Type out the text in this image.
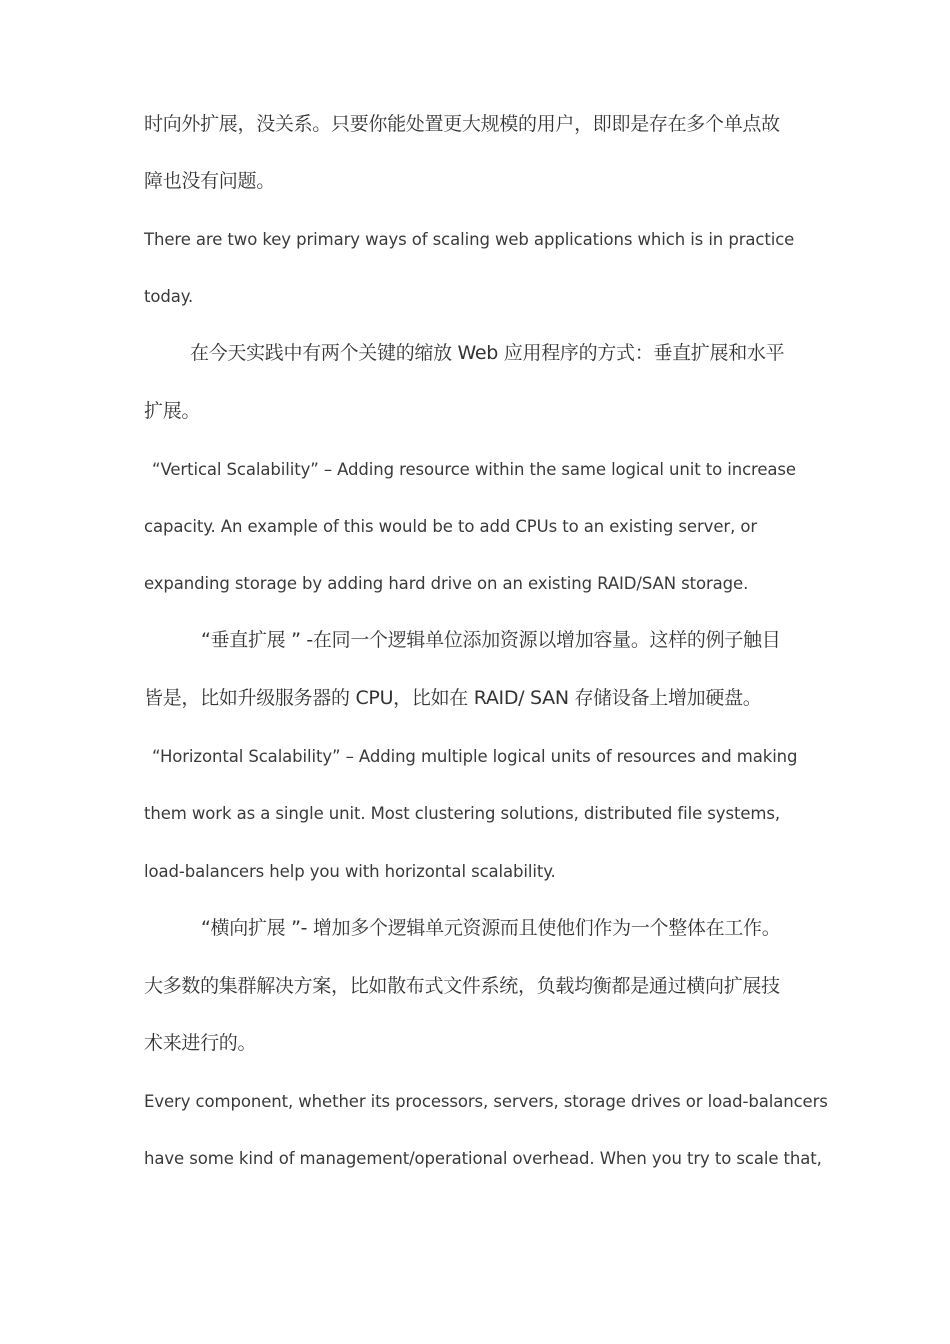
时向外扩展，没关系。只要你能处置更大规模的用户，即即是存在多个单点故
障也没有问题。
There are two key primary ways of scaling web applications which is in practice
today.
在今天实践中有两个关键的缩放 Web 应用程序的方式：垂直扩展和水平
扩展。
“Vertical Scalability” – Adding resource within the same logical unit to increase
capacity. An example of this would be to add CPUs to an existing server, or
expanding storage by adding hard drive on an existing RAID/SAN storage.
“垂直扩展 ” -在同一个逻辑单位添加资源以增加容量。这样的例子触目
皆是，比如升级服务器的 CPU，比如在 RAID/ SAN 存储设备上增加硬盘。
“Horizontal Scalability” – Adding multiple logical units of resources and making
them work as a single unit. Most clustering solutions, distributed file systems,
load-balancers help you with horizontal scalability.
“横向扩展 ”- 增加多个逻辑单元资源而且使他们作为一个整体在工作。
大多数的集群解决方案，比如散布式文件系统，负载均衡都是通过横向扩展技
术来进行的。
Every component, whether its processors, servers, storage drives or load-balancers
have some kind of management/operational overhead. When you try to scale that,
